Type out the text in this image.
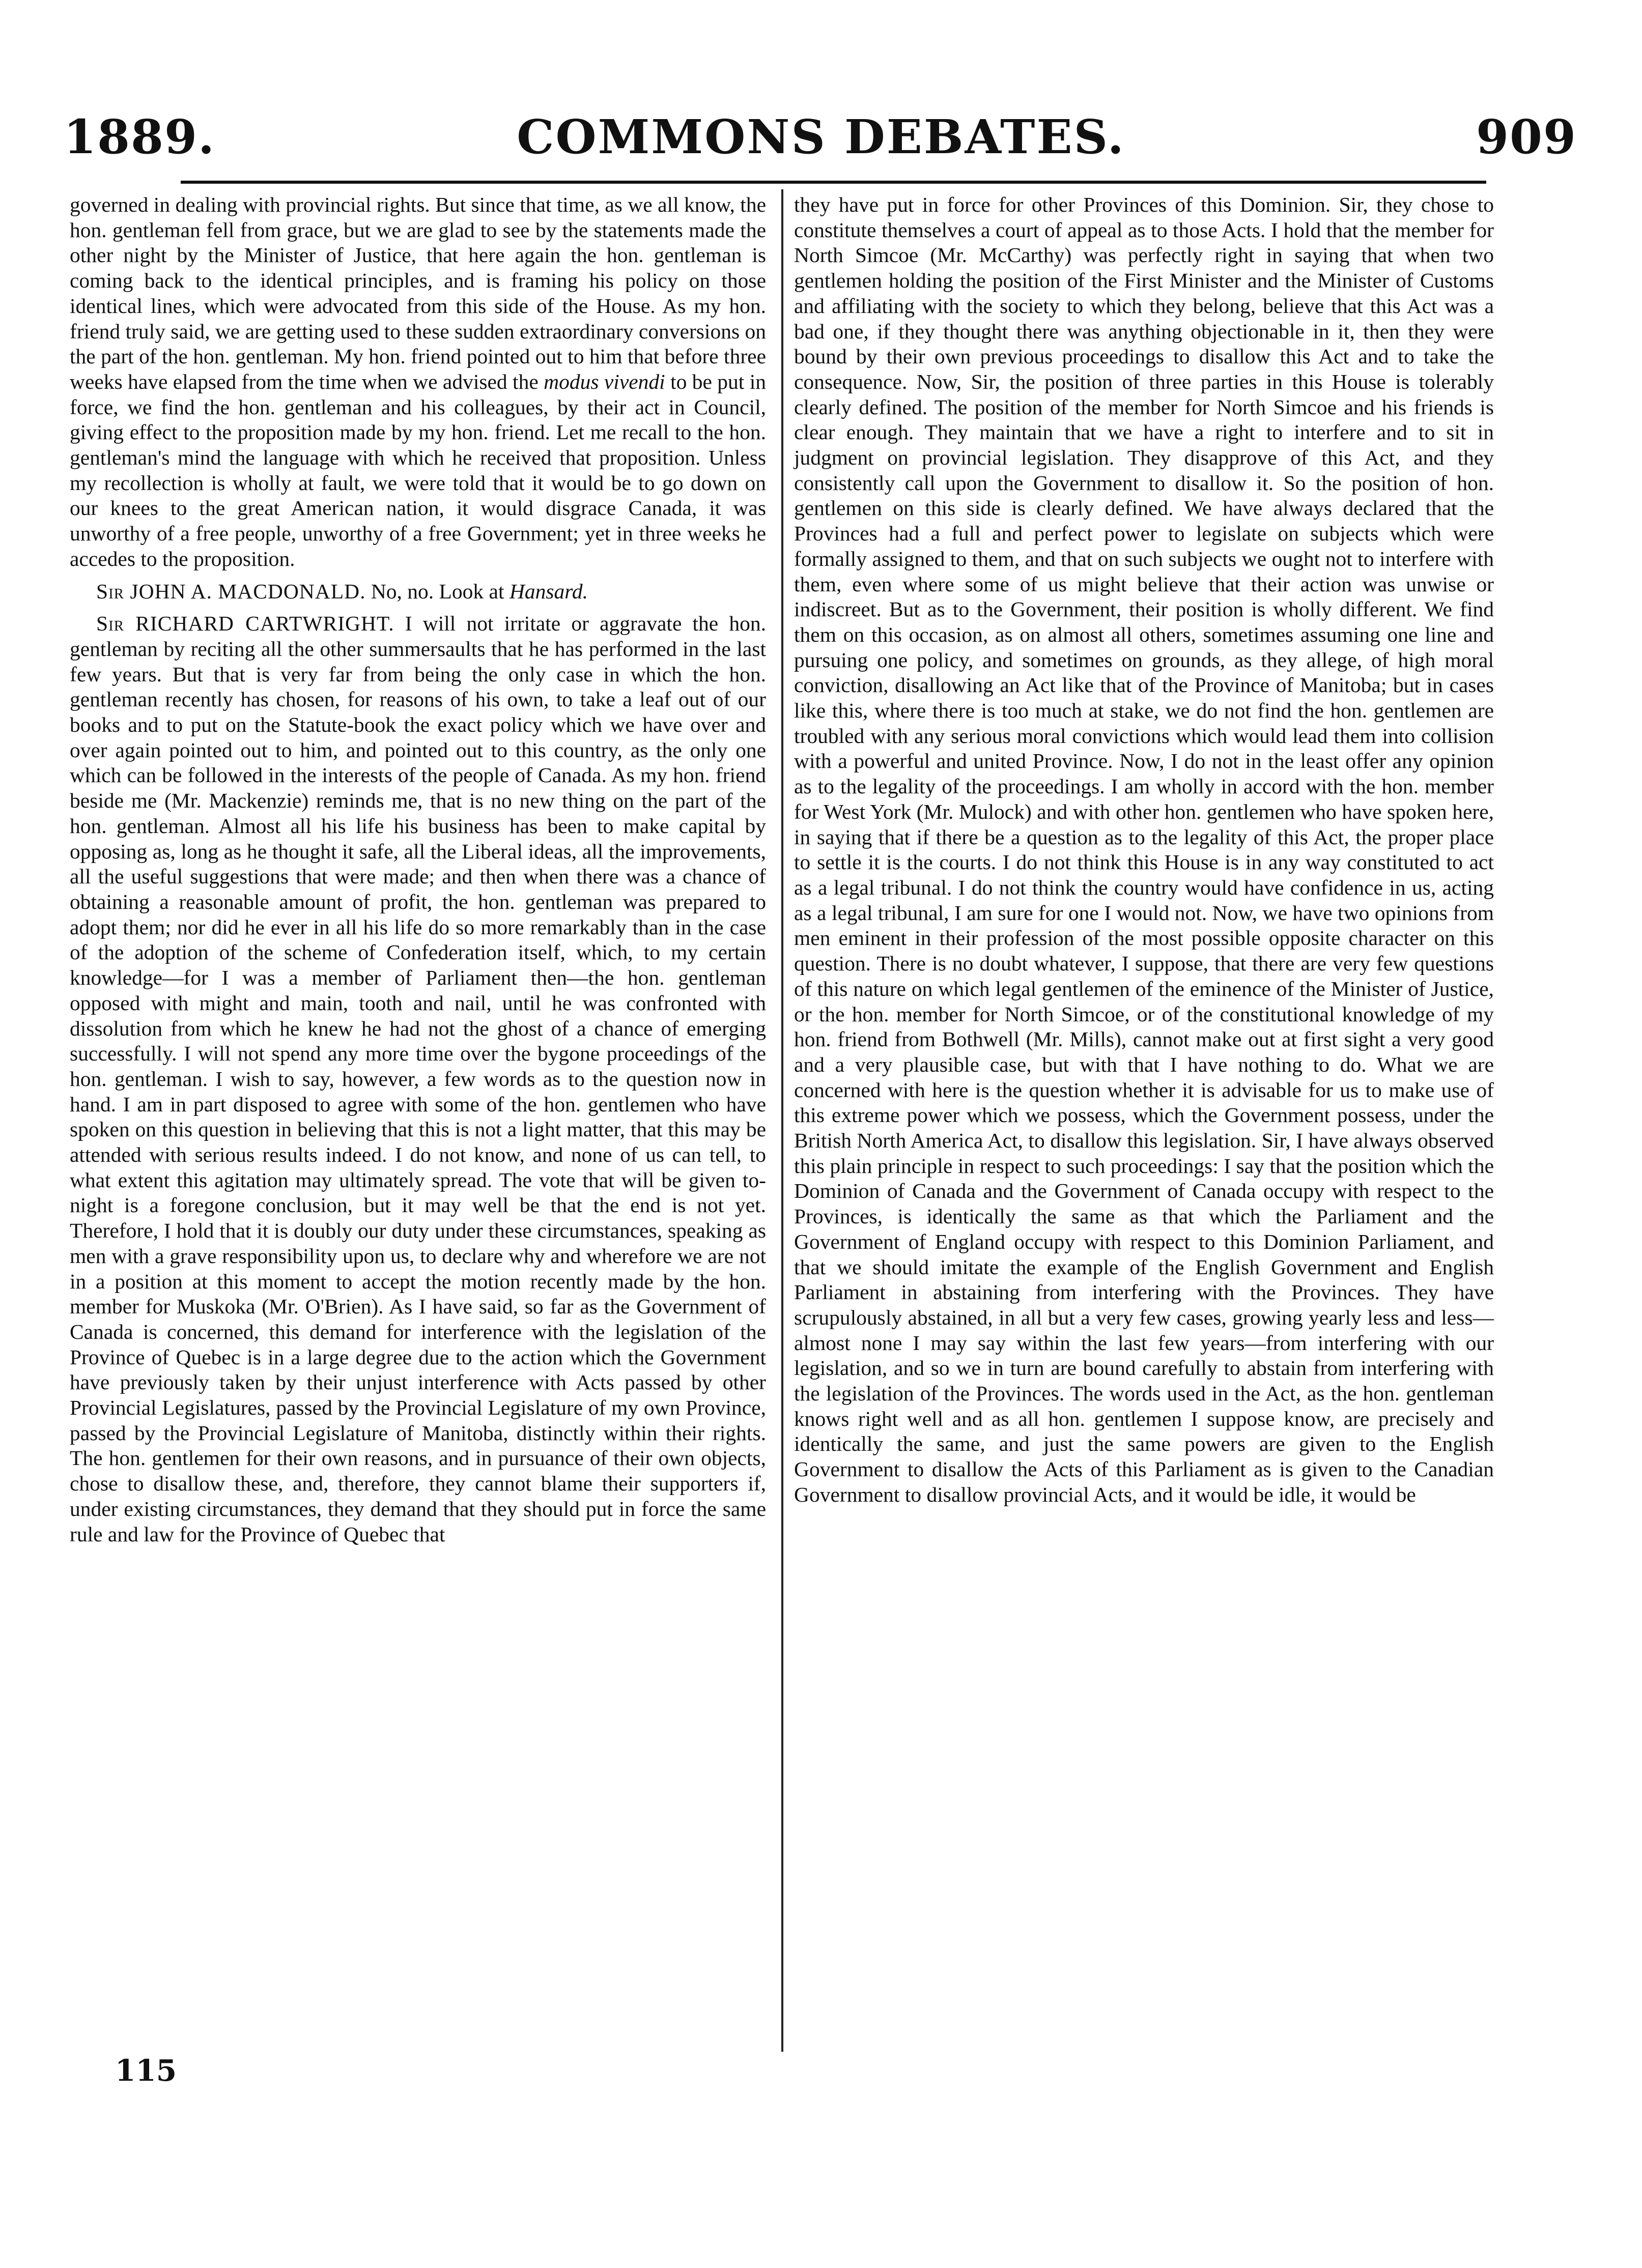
COMMONS DEBATES.
1889.	909

governed in dealing with provincial rights. But since that time, as we all know, the hon. gentleman fell from grace, but we are glad to see by the statements made the other night by the Minister of Justice, that here again the hon. gentleman is coming back to the identical principles, and is framing his policy on those identical lines, which were advocated from this side of the House. As my hon. friend truly said, we are getting used to these sudden extraordinary conversions on the part of the hon. gentleman. My hon. friend pointed out to him that before three weeks have elapsed from the time when we advised the modus vivendi to be put in force, we find the hon. gentleman and his colleagues, by their act in Council, giving effect to the proposition made by my hon. friend. Let me recall to the hon. gentleman's mind the language with which he received that proposition. Unless my recollection is wholly at fault, we were told that it would be to go down on our knees to the great American nation, it would disgrace Canada, it was unworthy of a free people, unworthy of a free Government; yet in three weeks he accedes to the proposition.

Sir JOHN A. MACDONALD. No, no. Look at Hansard.

Sir RICHARD CARTWRIGHT. I will not irritate or aggravate the hon. gentleman by reciting all the other summersaults that he has performed in the last few years. But that is very far from being the only case in which the hon. gentleman recently has chosen, for reasons of his own, to take a leaf out of our books and to put on the Statute-book the exact policy which we have over and over again pointed out to him, and pointed out to this country, as the only one which can be followed in the interests of the people of Canada. As my hon. friend beside me (Mr. Mackenzie) reminds me, that is no new thing on the part of the hon. gentleman. Almost all his life his business has been to make capital by opposing as, long as he thought it safe, all the Liberal ideas, all the improvements, all the useful suggestions that were made; and then when there was a chance of obtaining a reasonable amount of profit, the hon. gentleman was prepared to adopt them; nor did he ever in all his life do so more remarkably than in the case of the adoption of the scheme of Confederation itself, which, to my certain knowledge—for I was a member of Parliament then—the hon. gentleman opposed with might and main, tooth and nail, until he was confronted with dissolution from which he knew he had not the ghost of a chance of emerging successfully. I will not spend any more time over the bygone proceedings of the hon. gentleman. I wish to say, however, a few words as to the question now in hand. I am in part disposed to agree with some of the hon. gentlemen who have spoken on this question in believing that this is not a light matter, that this may be attended with serious results indeed. I do not know, and none of us can tell, to what extent this agitation may ultimately spread. The vote that will be given to-night is a foregone conclusion, but it may well be that the end is not yet. Therefore, I hold that it is doubly our duty under these circumstances, speaking as men with a grave responsibility upon us, to declare why and wherefore we are not in a position at this moment to accept the motion recently made by the hon. member for Muskoka (Mr. O'Brien). As I have said, so far as the Government of Canada is concerned, this demand for interference with the legislation of the Province of Quebec is in a large degree due to the action which the Government have previously taken by their unjust interference with Acts passed by other Provincial Legislatures, passed by the Provincial Legislature of my own Province, passed by the Provincial Legislature of Manitoba, distinctly within their rights. The hon. gentlemen for their own reasons, and in pursuance of their own objects, chose to disallow these, and, therefore, they cannot blame their supporters if, under existing circumstances, they demand that they should put in force the same rule and law for the Province of Quebec that

they have put in force for other Provinces of this Dominion. Sir, they chose to constitute themselves a court of appeal as to those Acts. I hold that the member for North Simcoe (Mr. McCarthy) was perfectly right in saying that when two gentlemen holding the position of the First Minister and the Minister of Customs and affiliating with the society to which they belong, believe that this Act was a bad one, if they thought there was anything objectionable in it, then they were bound by their own previous proceedings to disallow this Act and to take the consequence. Now, Sir, the position of three parties in this House is tolerably clearly defined. The position of the member for North Simcoe and his friends is clear enough. They maintain that we have a right to interfere and to sit in judgment on provincial legislation. They disapprove of this Act, and they consistently call upon the Government to disallow it. So the position of hon. gentlemen on this side is clearly defined. We have always declared that the Provinces had a full and perfect power to legislate on subjects which were formally assigned to them, and that on such subjects we ought not to interfere with them, even where some of us might believe that their action was unwise or indiscreet. But as to the Government, their position is wholly different. We find them on this occasion, as on almost all others, sometimes assuming one line and pursuing one policy, and sometimes on grounds, as they allege, of high moral conviction, disallowing an Act like that of the Province of Manitoba; but in cases like this, where there is too much at stake, we do not find the hon. gentlemen are troubled with any serious moral convictions which would lead them into collision with a powerful and united Province. Now, I do not in the least offer any opinion as to the legality of the proceedings. I am wholly in accord with the hon. member for West York (Mr. Mulock) and with other hon. gentlemen who have spoken here, in saying that if there be a question as to the legality of this Act, the proper place to settle it is the courts. I do not think this House is in any way constituted to act as a legal tribunal. I do not think the country would have confidence in us, acting as a legal tribunal, I am sure for one I would not. Now, we have two opinions from men eminent in their profession of the most possible opposite character on this question. There is no doubt whatever, I suppose, that there are very few questions of this nature on which legal gentlemen of the eminence of the Minister of Justice, or the hon. member for North Simcoe, or of the constitutional knowledge of my hon. friend from Bothwell (Mr. Mills), cannot make out at first sight a very good and a very plausible case, but with that I have nothing to do. What we are concerned with here is the question whether it is advisable for us to make use of this extreme power which we possess, which the Government possess, under the British North America Act, to disallow this legislation. Sir, I have always observed this plain principle in respect to such proceedings: I say that the position which the Dominion of Canada and the Government of Canada occupy with respect to the Provinces, is identically the same as that which the Parliament and the Government of England occupy with respect to this Dominion Parliament, and that we should imitate the example of the English Government and English Parliament in abstaining from interfering with the Provinces. They have scrupulously abstained, in all but a very few cases, growing yearly less and less—almost none I may say within the last few years—from interfering with our legislation, and so we in turn are bound carefully to abstain from interfering with the legislation of the Provinces. The words used in the Act, as the hon. gentleman knows right well and as all hon. gentlemen I suppose know, are precisely and identically the same, and just the same powers are given to the English Government to disallow the Acts of this Parliament as is given to the Canadian Government to disallow provincial Acts, and it would be idle, it would be

115
